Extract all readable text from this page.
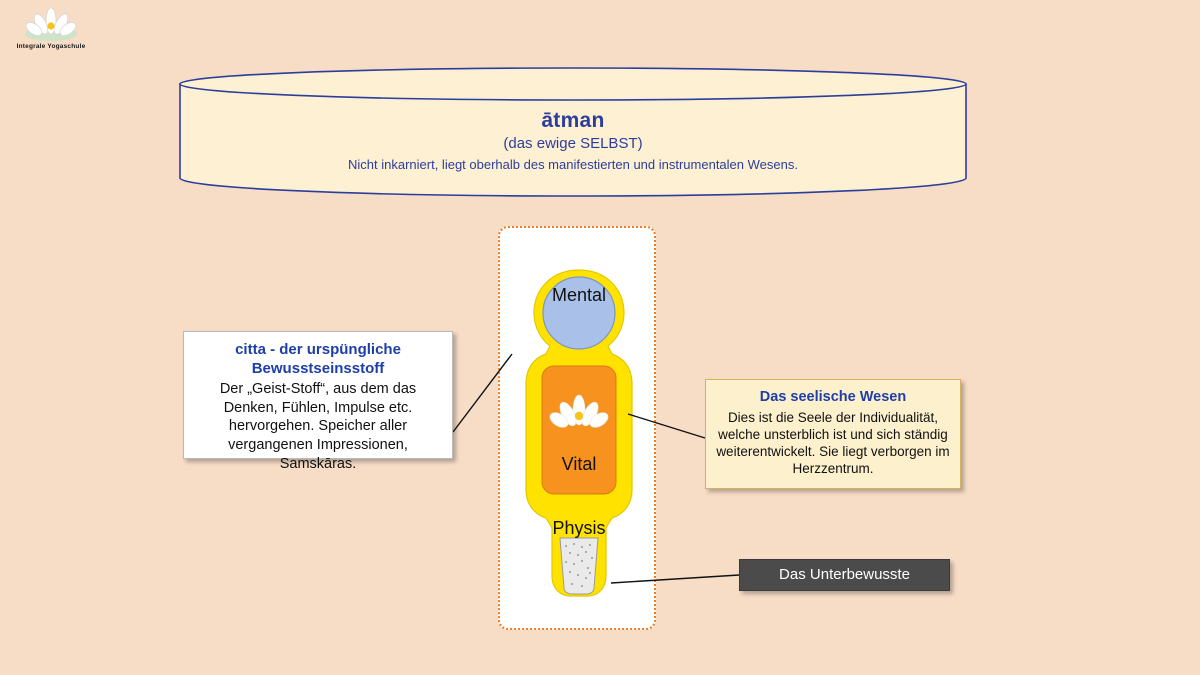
Integrale Yogaschule
ātman
(das ewige SELBST)
Nicht inkarniert, liegt oberhalb des manifestierten und instrumentalen Wesens.
Mental
Vital
Physis
citta - der urspüngliche Bewusstseinsstoff
Der „Geist-Stoff“, aus dem das Denken, Fühlen, Impulse etc. hervorgehen. Speicher aller vergangenen Impressionen, Samskāras.
Das seelische Wesen
Dies ist die Seele der Individualität, welche unsterblich ist und sich ständig weiterentwickelt. Sie liegt verborgen im Herzzentrum.
Das Unterbewusste
